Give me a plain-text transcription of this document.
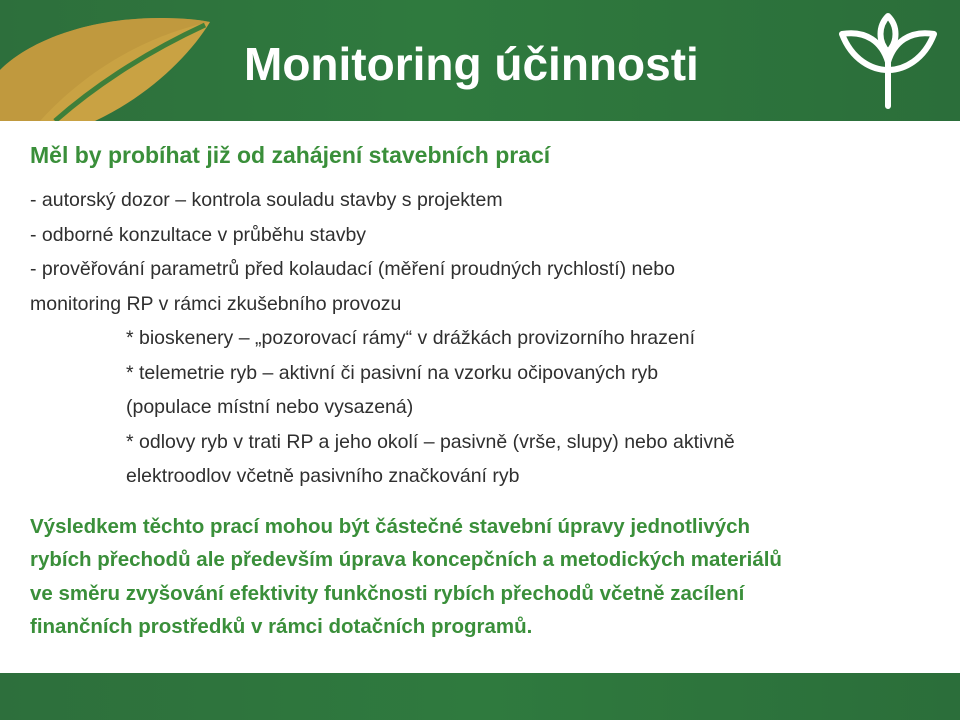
Monitoring účinnosti
Měl by probíhat již od zahájení stavebních prací
- autorský dozor – kontrola souladu stavby s projektem
- odborné konzultace v průběhu stavby
- prověřování parametrů před kolaudací (měření proudných rychlostí) nebo
monitoring RP v rámci zkušebního provozu
* bioskenery – „pozorovací rámy“ v drážkách provizorního hrazení
* telemetrie ryb – aktivní či pasivní na vzorku očipovaných ryb
(populace místní nebo vysazená)
* odlovy ryb v trati RP a jeho okolí – pasivně (vrše, slupy) nebo aktivně
elektroodlov včetně pasivního značkování ryb
Výsledkem těchto prací mohou být částečné stavební úpravy jednotlivých
rybích přechodů ale především úprava koncepčních a metodických materiálů
ve směru zvyšování efektivity funkčnosti rybích přechodů včetně zacílení
finančních prostředků v rámci dotačních programů.
